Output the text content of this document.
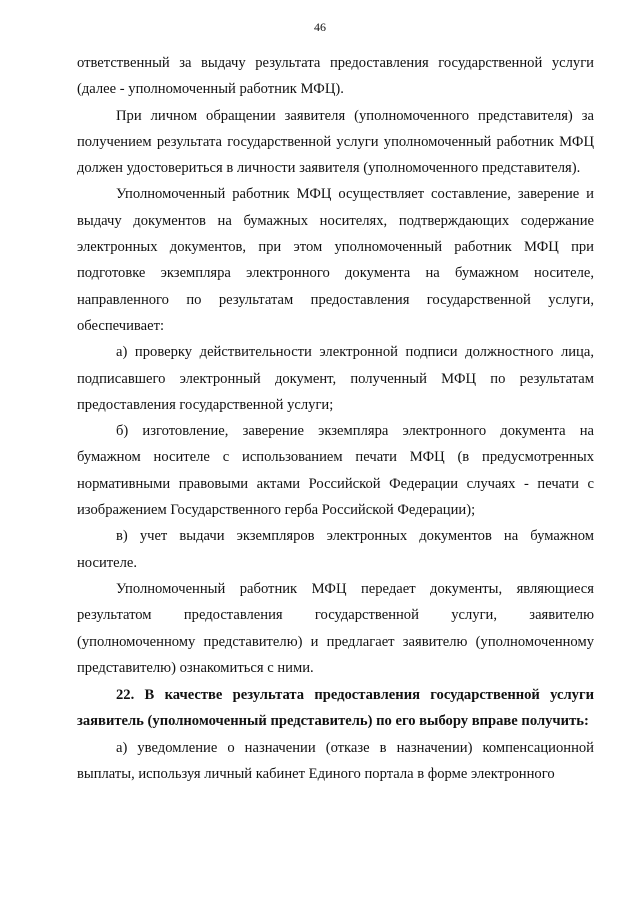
46

ответственный за выдачу результата предоставления государственной услуги (далее - уполномоченный работник МФЦ).

При личном обращении заявителя (уполномоченного представителя) за получением результата государственной услуги уполномоченный работник МФЦ должен удостовериться в личности заявителя (уполномоченного представителя).

Уполномоченный работник МФЦ осуществляет составление, заверение и выдачу документов на бумажных носителях, подтверждающих содержание электронных документов, при этом уполномоченный работник МФЦ при подготовке экземпляра электронного документа на бумажном носителе, направленного по результатам предоставления государственной услуги, обеспечивает:

а) проверку действительности электронной подписи должностного лица, подписавшего электронный документ, полученный МФЦ по результатам предоставления государственной услуги;

б) изготовление, заверение экземпляра электронного документа на бумажном носителе с использованием печати МФЦ (в предусмотренных нормативными правовыми актами Российской Федерации случаях - печати с изображением Государственного герба Российской Федерации);

в) учет выдачи экземпляров электронных документов на бумажном носителе.

Уполномоченный работник МФЦ передает документы, являющиеся результатом предоставления государственной услуги, заявителю (уполномоченному представителю) и предлагает заявителю (уполномоченному представителю) ознакомиться с ними.

22. В качестве результата предоставления государственной услуги заявитель (уполномоченный представитель) по его выбору вправе получить:

а) уведомление о назначении (отказе в назначении) компенсационной выплаты, используя личный кабинет Единого портала в форме электронного
